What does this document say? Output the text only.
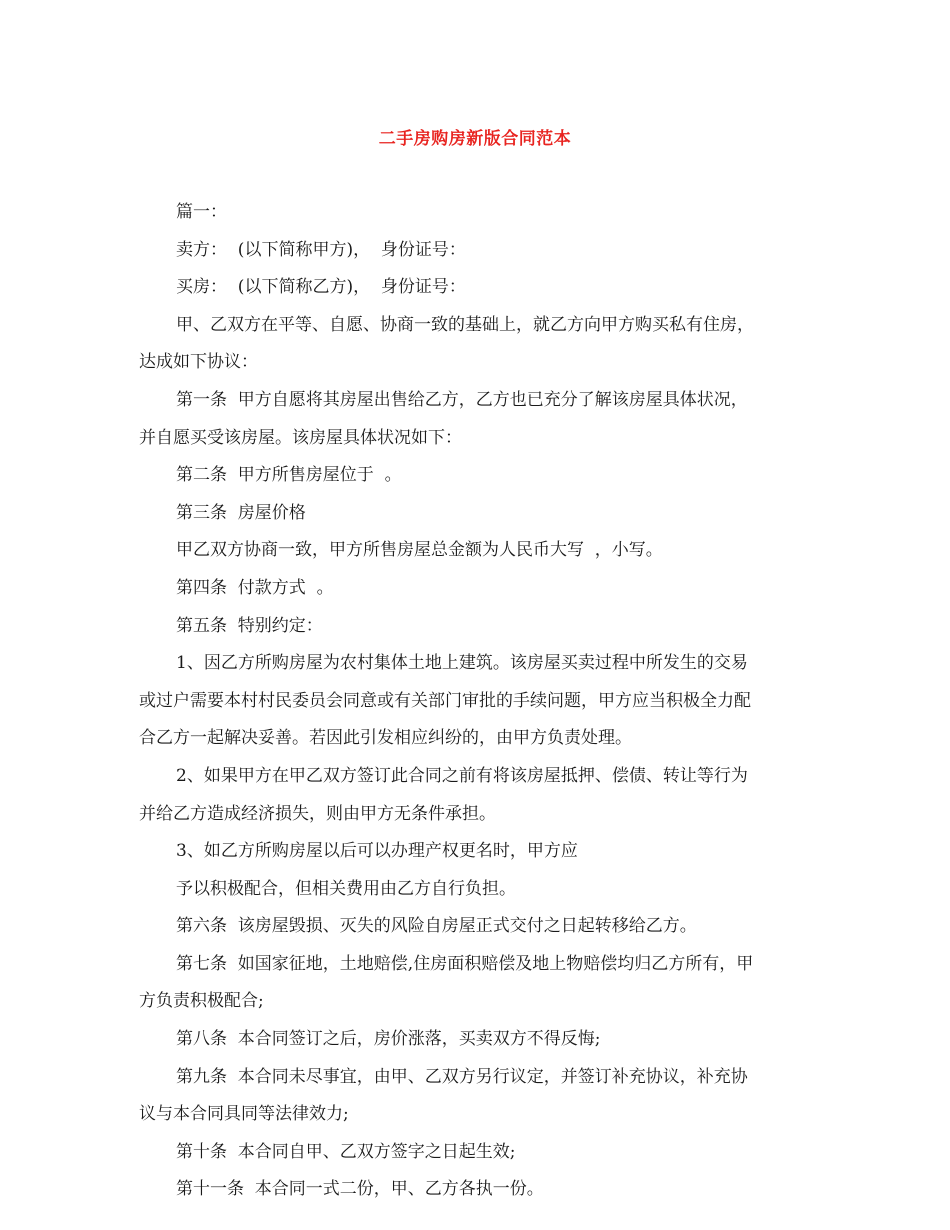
二手房购房新版合同范本
篇一：
卖方：  (以下简称甲方)，  身份证号：
买房：  (以下简称乙方)，  身份证号：
甲、乙双方在平等、自愿、协商一致的基础上，就乙方向甲方购买私有住房，
达成如下协议：
第一条  甲方自愿将其房屋出售给乙方，乙方也已充分了解该房屋具体状况，
并自愿买受该房屋。该房屋具体状况如下：
第二条  甲方所售房屋位于  。
第三条  房屋价格
甲乙双方协商一致，甲方所售房屋总金额为人民币大写  ，小写。
第四条  付款方式  。
第五条  特别约定：
1、因乙方所购房屋为农村集体土地上建筑。该房屋买卖过程中所发生的交易
或过户需要本村村民委员会同意或有关部门审批的手续问题，甲方应当积极全力配
合乙方一起解决妥善。若因此引发相应纠纷的，由甲方负责处理。
2、如果甲方在甲乙双方签订此合同之前有将该房屋抵押、偿债、转让等行为
并给乙方造成经济损失，则由甲方无条件承担。
3、如乙方所购房屋以后可以办理产权更名时，甲方应
予以积极配合，但相关费用由乙方自行负担。
第六条  该房屋毁损、灭失的风险自房屋正式交付之日起转移给乙方。
第七条  如国家征地，土地赔偿,住房面积赔偿及地上物赔偿均归乙方所有，甲
方负责积极配合;
第八条  本合同签订之后，房价涨落，买卖双方不得反悔;
第九条  本合同未尽事宜，由甲、乙双方另行议定，并签订补充协议，补充协
议与本合同具同等法律效力;
第十条  本合同自甲、乙双方签字之日起生效;
第十一条  本合同一式二份，甲、乙方各执一份。
